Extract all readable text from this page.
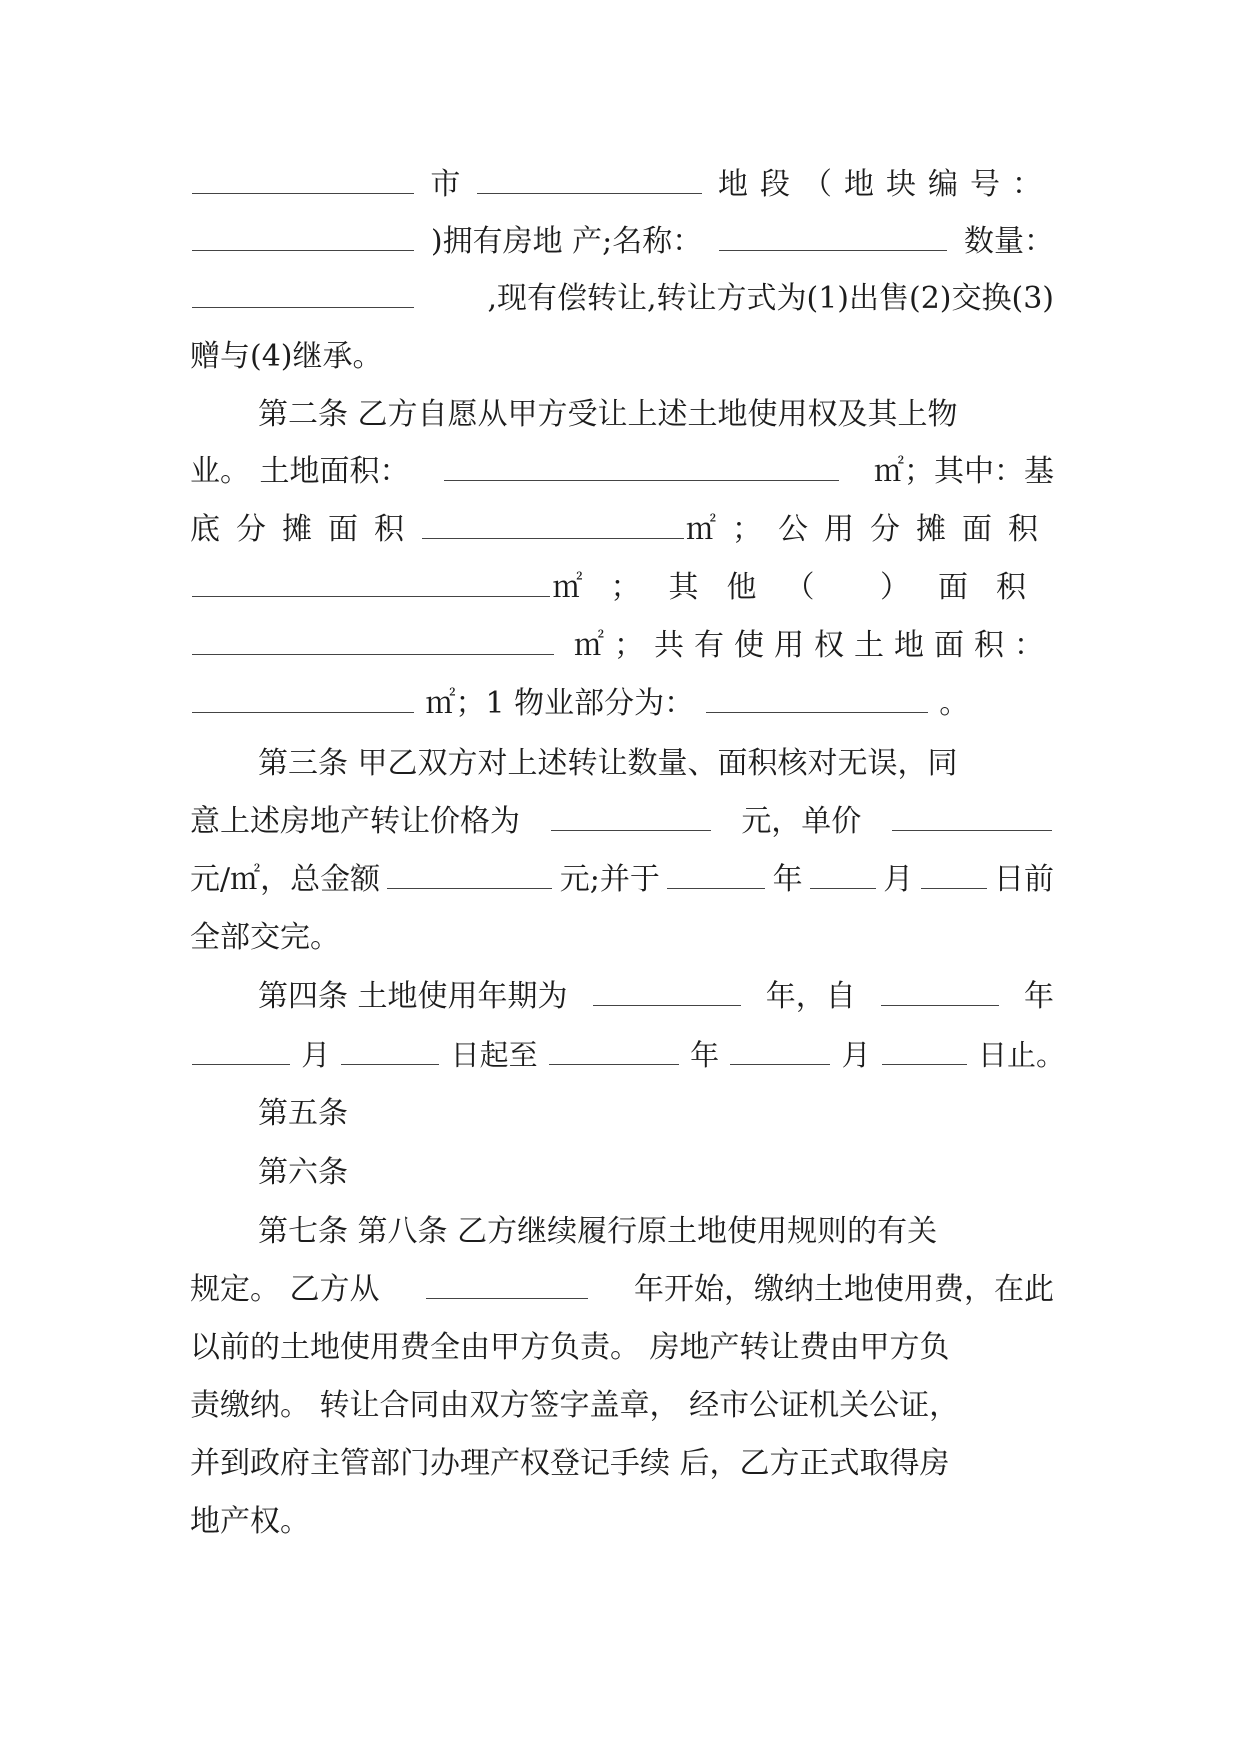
市	地段（地块编号：
)拥有房地 产;名称：	数量：
,现有偿转让,转让方式为(1)出售(2)交换(3)
赠与(4)继承。
第二条 乙方自愿从甲方受让上述土地使用权及其上物
业。 土地面积：	㎡；其中：基
底分摊面积	㎡；公用分摊面积
㎡；其他（ ）面积
㎡；共有使用权土地面积：
㎡；1 物业部分为：	。
第三条 甲乙双方对上述转让数量、面积核对无误，同
意上述房地产转让价格为	元，单价
元/㎡，总金额	元;并于	年	月	日前
全部交完。
第四条 土地使用年期为	年，自	年
月	日起至	年	月	日止。
第五条
第六条
第七条 第八条 乙方继续履行原土地使用规则的有关
规定。 乙方从	年开始，缴纳土地使用费，在此
以前的土地使用费全由甲方负责。 房地产转让费由甲方负
责缴纳。 转让合同由双方签字盖章， 经市公证机关公证，
并到政府主管部门办理产权登记手续 后，乙方正式取得房
地产权。
